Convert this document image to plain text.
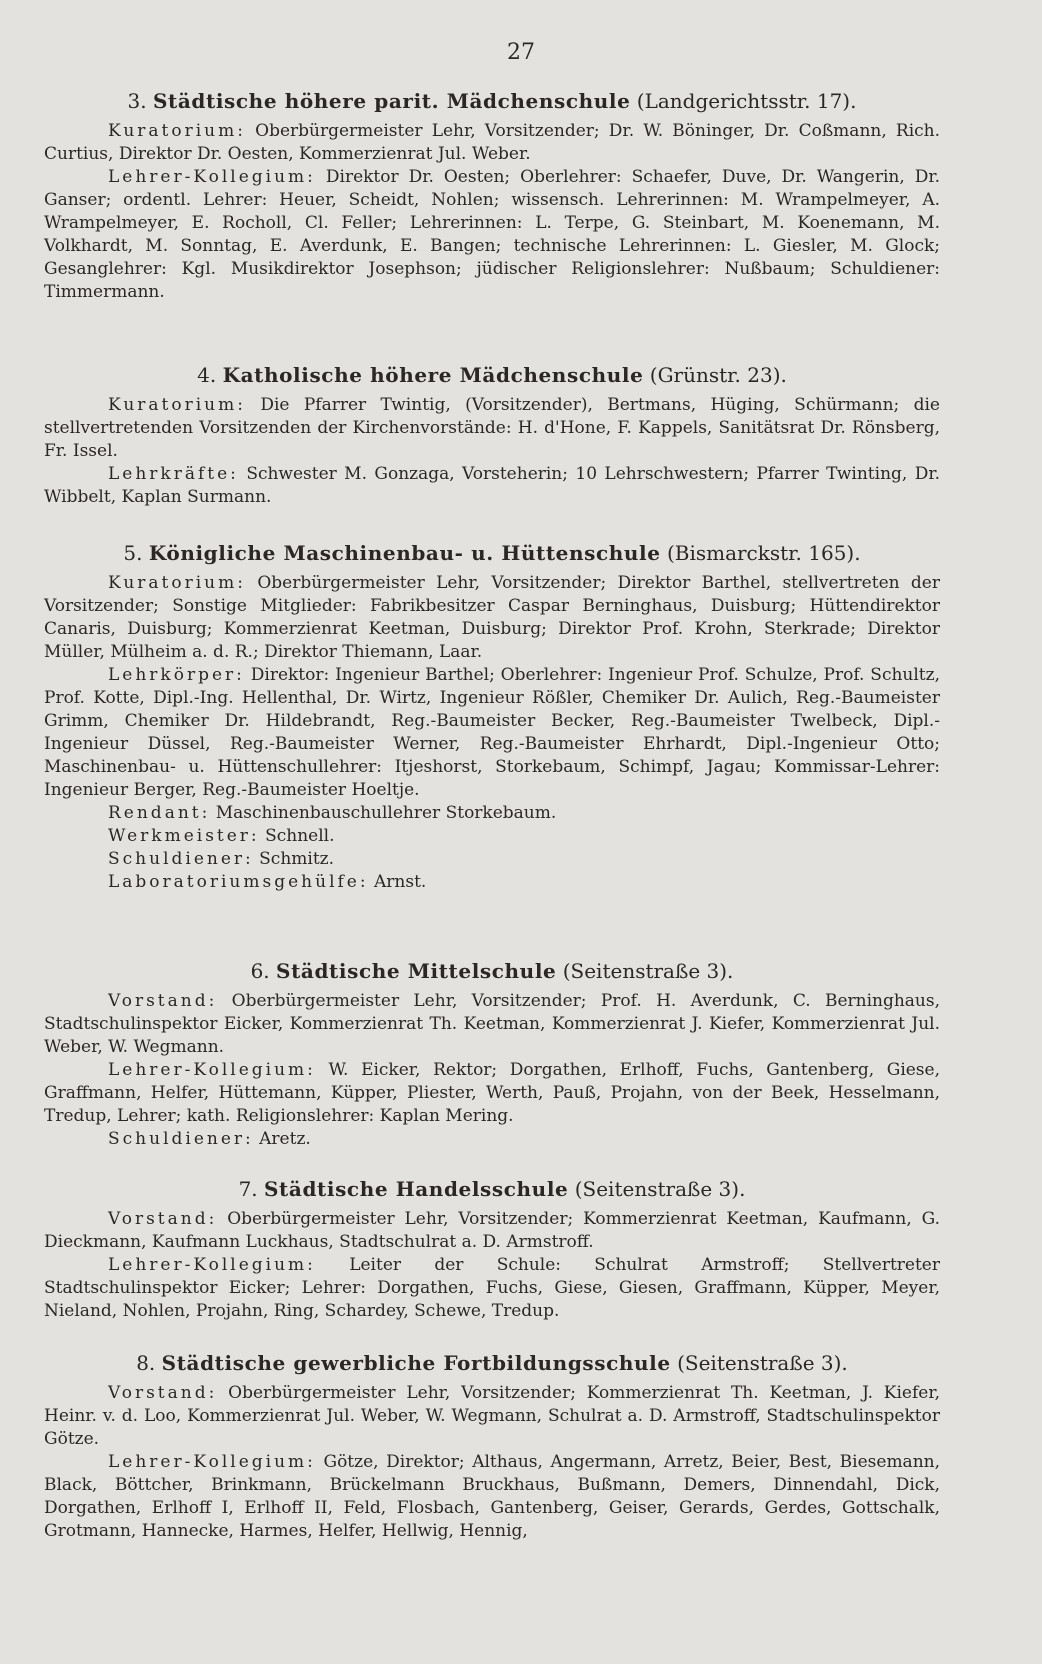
27
3. Städtische höhere parit. Mädchenschule (Landgerichtsstr. 17).

Kuratorium: Oberbürgermeister Lehr, Vorsitzender; Dr. W. Böninger, Dr. Coßmann, Rich. Curtius, Direktor Dr. Oesten, Kommerzienrat Jul. Weber.

Lehrer-Kollegium: Direktor Dr. Oesten; Oberlehrer: Schaefer, Duve, Dr. Wangerin, Dr. Ganser; ordentl. Lehrer: Heuer, Scheidt, Nohlen; wissensch. Lehrerinnen: M. Wrampelmeyer, A. Wrampelmeyer, E. Rocholl, Cl. Feller; Lehrerinnen: L. Terpe, G. Steinbart, M. Koenemann, M. Volkhardt, M. Sonntag, E. Averdunk, E. Bangen; technische Lehrerinnen: L. Giesler, M. Glock; Gesanglehrer: Kgl. Musikdirektor Josephson; jüdischer Religionslehrer: Nußbaum; Schuldiener: Timmermann.

4. Katholische höhere Mädchenschule (Grünstr. 23).

Kuratorium: Die Pfarrer Twintig, (Vorsitzender), Bertmans, Hüging, Schürmann; die stellvertretenden Vorsitzenden der Kirchenvorstände: H. d'Hone, F. Kappels, Sanitätsrat Dr. Rönsberg, Fr. Issel.

Lehrkräfte: Schwester M. Gonzaga, Vorsteherin; 10 Lehrschwestern; Pfarrer Twinting, Dr. Wibbelt, Kaplan Surmann.

5. Königliche Maschinenbau- u. Hüttenschule (Bismarckstr. 165).

Kuratorium: Oberbürgermeister Lehr, Vorsitzender; Direktor Barthel, stellvertreten der Vorsitzender; Sonstige Mitglieder: Fabrikbesitzer Caspar Berninghaus, Duisburg; Hüttendirektor Canaris, Duisburg; Kommerzienrat Keetman, Duisburg; Direktor Prof. Krohn, Sterkrade; Direktor Müller, Mülheim a. d. R.; Direktor Thiemann, Laar.

Lehrkörper: Direktor: Ingenieur Barthel; Oberlehrer: Ingenieur Prof. Schulze, Prof. Schultz, Prof. Kotte, Dipl.-Ing. Hellenthal, Dr. Wirtz, Ingenieur Rößler, Chemiker Dr. Aulich, Reg.-Baumeister Grimm, Chemiker Dr. Hildebrandt, Reg.-Baumeister Becker, Reg.-Baumeister Twelbeck, Dipl.-Ingenieur Düssel, Reg.-Baumeister Werner, Reg.-Baumeister Ehrhardt, Dipl.-Ingenieur Otto; Maschinenbau- u. Hüttenschullehrer: Itjeshorst, Storkebaum, Schimpf, Jagau; Kommissar-Lehrer: Ingenieur Berger, Reg.-Baumeister Hoeltje.

Rendant: Maschinenbauschullehrer Storkebaum.

Werkmeister: Schnell.

Schuldiener: Schmitz.

Laboratoriumsgehülfe: Arnst.

6. Städtische Mittelschule (Seitenstraße 3).

Vorstand: Oberbürgermeister Lehr, Vorsitzender; Prof. H. Averdunk, C. Berninghaus, Stadtschulinspektor Eicker, Kommerzienrat Th. Keetman, Kommerzienrat J. Kiefer, Kommerzienrat Jul. Weber, W. Wegmann.

Lehrer-Kollegium: W. Eicker, Rektor; Dorgathen, Erlhoff, Fuchs, Gantenberg, Giese, Graffmann, Helfer, Hüttemann, Küpper, Pliester, Werth, Pauß, Projahn, von der Beek, Hesselmann, Tredup, Lehrer; kath. Religionslehrer: Kaplan Mering.

Schuldiener: Aretz.

7. Städtische Handelsschule (Seitenstraße 3).

Vorstand: Oberbürgermeister Lehr, Vorsitzender; Kommerzienrat Keetman, Kaufmann, G. Dieckmann, Kaufmann Luckhaus, Stadtschulrat a. D. Armstroff.

Lehrer-Kollegium: Leiter der Schule: Schulrat Armstroff; Stellvertreter Stadtschulinspektor Eicker; Lehrer: Dorgathen, Fuchs, Giese, Giesen, Graffmann, Küpper, Meyer, Nieland, Nohlen, Projahn, Ring, Schardey, Schewe, Tredup.

8. Städtische gewerbliche Fortbildungsschule (Seitenstraße 3).

Vorstand: Oberbürgermeister Lehr, Vorsitzender; Kommerzienrat Th. Keetman, J. Kiefer, Heinr. v. d. Loo, Kommerzienrat Jul. Weber, W. Wegmann, Schulrat a. D. Armstroff, Stadtschulinspektor Götze.

Lehrer-Kollegium: Götze, Direktor; Althaus, Angermann, Arretz, Beier, Best, Biesemann, Black, Böttcher, Brinkmann, Brückelmann Bruckhaus, Bußmann, Demers, Dinnendahl, Dick, Dorgathen, Erlhoff I, Erlhoff II, Feld, Flosbach, Gantenberg, Geiser, Gerards, Gerdes, Gottschalk, Grotmann, Hannecke, Harmes, Helfer, Hellwig, Hennig,
